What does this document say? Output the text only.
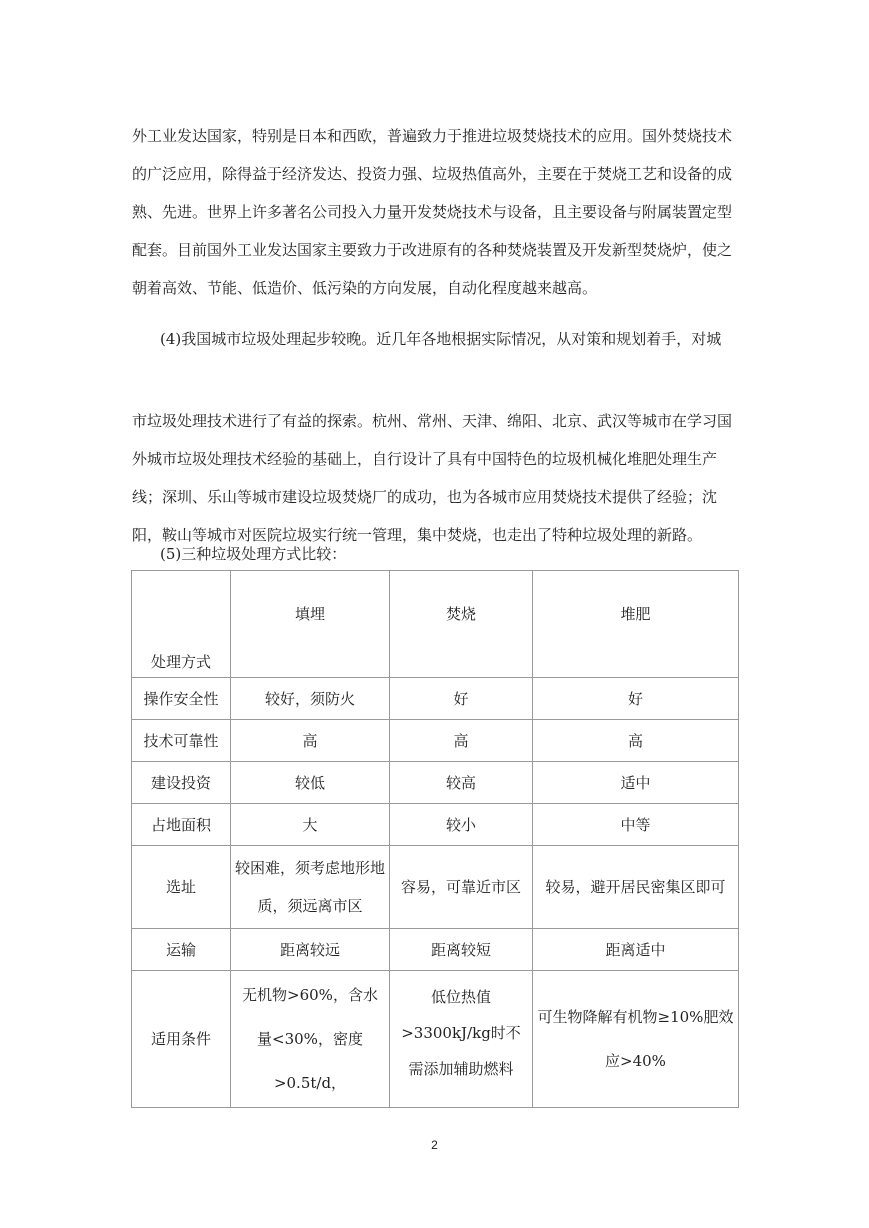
外工业发达国家，特别是日本和西欧，普遍致力于推进垃圾焚烧技术的应用。国外焚烧技术的广泛应用，除得益于经济发达、投资力强、垃圾热值高外，主要在于焚烧工艺和设备的成熟、先进。世界上许多著名公司投入力量开发焚烧技术与设备，且主要设备与附属装置定型配套。目前国外工业发达国家主要致力于改进原有的各种焚烧装置及开发新型焚烧炉，使之朝着高效、节能、低造价、低污染的方向发展，自动化程度越来越高。

(4)我国城市垃圾处理起步较晚。近几年各地根据实际情况，从对策和规划着手，对城

市垃圾处理技术进行了有益的探索。杭州、常州、天津、绵阳、北京、武汉等城市在学习国外城市垃圾处理技术经验的基础上，自行设计了具有中国特色的垃圾机械化堆肥处理生产线；深圳、乐山等城市建设垃圾焚烧厂的成功，也为各城市应用焚烧技术提供了经验；沈阳，鞍山等城市对医院垃圾实行统一管理，集中焚烧，也走出了特种垃圾处理的新路。

(5)三种垃圾处理方式比较：

处理方式	填埋	焚烧	堆肥
操作安全性	较好，须防火	好	好
技术可靠性	高	高	高
建设投资	较低	较高	适中
占地面积	大	较小	中等
选址	较困难，须考虑地形地质，须远离市区	容易，可靠近市区	较易，避开居民密集区即可
运输	距离较远	距离较短	距离适中
适用条件	无机物>60%，含水量<30%，密度>0.5t/d，	低位热值>3300kJ/kg时不需添加辅助燃料	可生物降解有机物≥10%肥效应>40%
2
